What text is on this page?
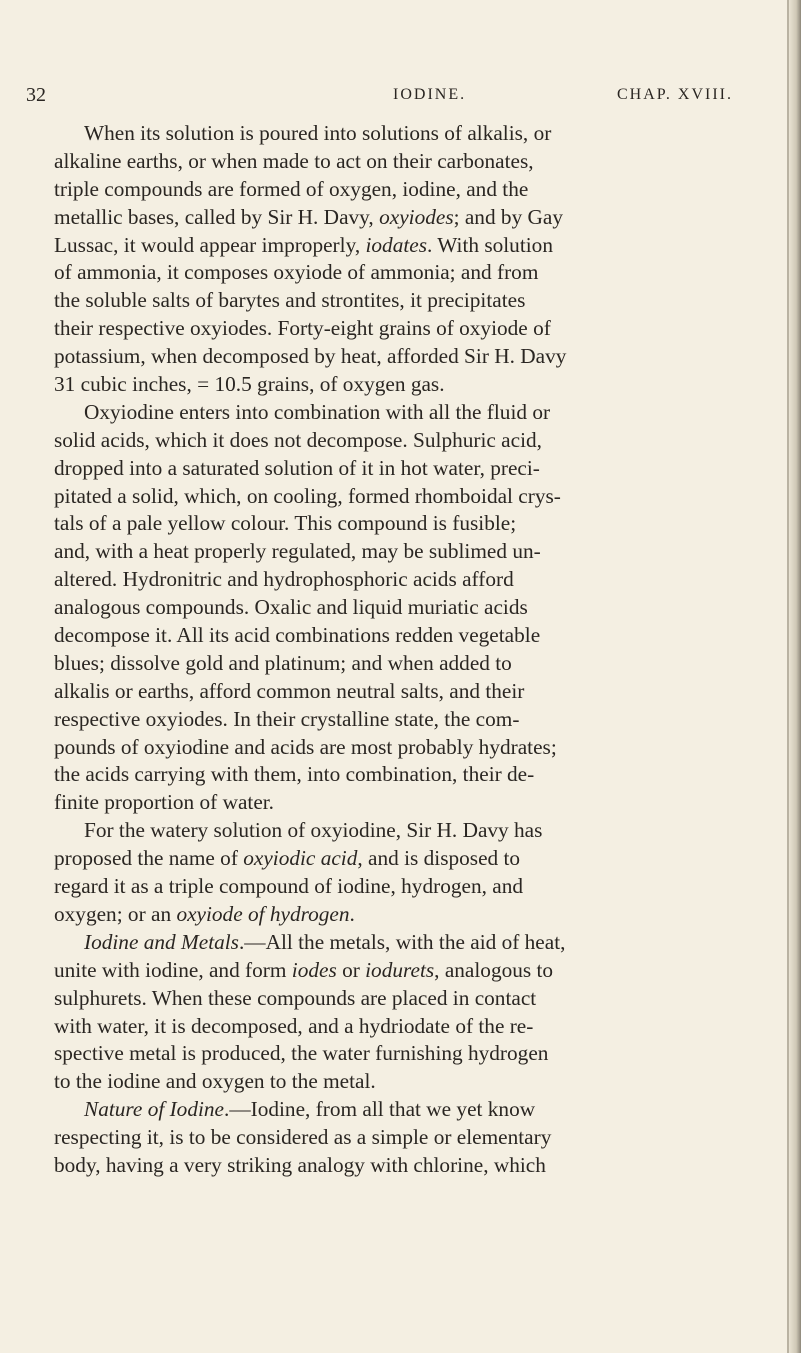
32	IODINE.	CHAP. XVIII.
When its solution is poured into solutions of alkalis, or
alkaline earths, or when made to act on their carbonates,
triple compounds are formed of oxygen, iodine, and the
metallic bases, called by Sir H. Davy, oxyiodes; and by Gay
Lussac, it would appear improperly, iodates. With solution
of ammonia, it composes oxyiode of ammonia; and from
the soluble salts of barytes and strontites, it precipitates
their respective oxyiodes. Forty-eight grains of oxyiode of
potassium, when decomposed by heat, afforded Sir H. Davy
31 cubic inches, = 10.5 grains, of oxygen gas.
Oxyiodine enters into combination with all the fluid or
solid acids, which it does not decompose. Sulphuric acid,
dropped into a saturated solution of it in hot water, preci-
pitated a solid, which, on cooling, formed rhomboidal crys-
tals of a pale yellow colour. This compound is fusible;
and, with a heat properly regulated, may be sublimed un-
altered. Hydronitric and hydrophosphoric acids afford
analogous compounds. Oxalic and liquid muriatic acids
decompose it. All its acid combinations redden vegetable
blues; dissolve gold and platinum; and when added to
alkalis or earths, afford common neutral salts, and their
respective oxyiodes. In their crystalline state, the com-
pounds of oxyiodine and acids are most probably hydrates;
the acids carrying with them, into combination, their de-
finite proportion of water.
For the watery solution of oxyiodine, Sir H. Davy has
proposed the name of oxyiodic acid, and is disposed to
regard it as a triple compound of iodine, hydrogen, and
oxygen; or an oxyiode of hydrogen.
Iodine and Metals.—All the metals, with the aid of heat,
unite with iodine, and form iodes or iodurets, analogous to
sulphurets. When these compounds are placed in contact
with water, it is decomposed, and a hydriodate of the re-
spective metal is produced, the water furnishing hydrogen
to the iodine and oxygen to the metal.
Nature of Iodine.—Iodine, from all that we yet know
respecting it, is to be considered as a simple or elementary
body, having a very striking analogy with chlorine, which
